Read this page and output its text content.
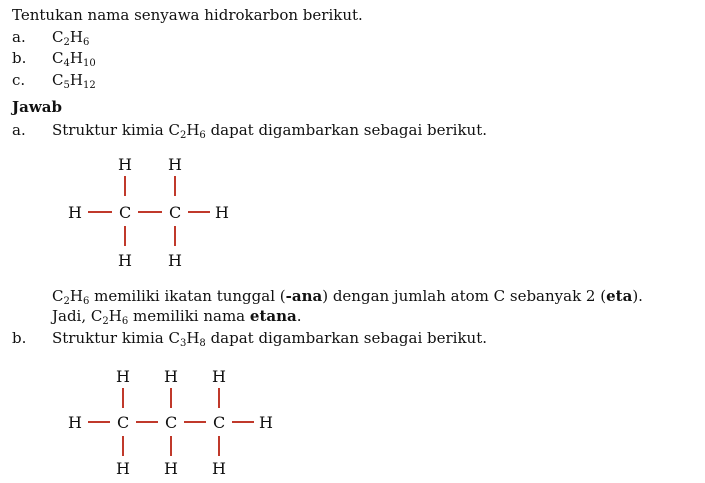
Tentukan nama senyawa hidrokarbon berikut.
a. $C_2H_6$
b. $C_4H_{10}$
c. $C_5H_{12}$
Jawab
a. Struktur kimia $C_2H_6$ dapat digambarkan sebagai berikut.
H H
H C C H
H H
$C_2H_6$ memiliki ikatan tunggal (-ana) dengan jumlah atom C sebanyak 2 (eta).
Jadi, $C_2H_6$ memiliki nama etana.
b. Struktur kimia $C_3H_8$ dapat digambarkan sebagai berikut.
H H H
H C C C H
H H H
